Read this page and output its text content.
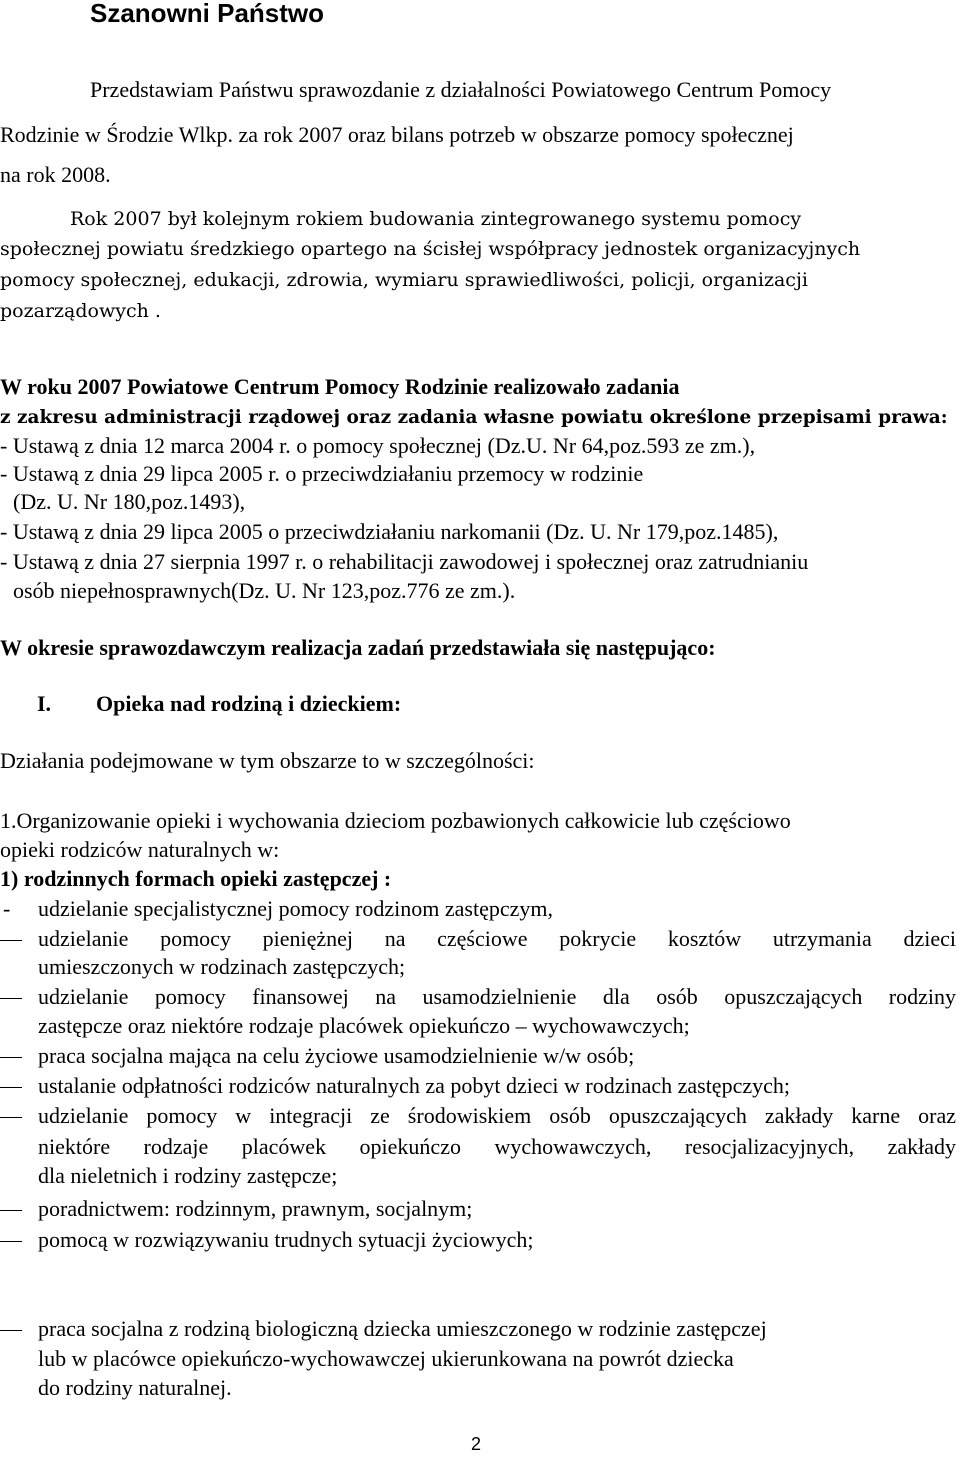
Szanowni Państwo
Przedstawiam Państwu sprawozdanie z działalności Powiatowego Centrum Pomocy
Rodzinie w Środzie Wlkp. za rok 2007 oraz bilans potrzeb w obszarze pomocy społecznej
na rok 2008.
Rok 2007 był kolejnym rokiem budowania zintegrowanego systemu pomocy
społecznej powiatu średzkiego opartego na ścisłej współpracy jednostek organizacyjnych
pomocy społecznej, edukacji, zdrowia, wymiaru sprawiedliwości, policji, organizacji
pozarządowych .
W roku 2007 Powiatowe Centrum Pomocy Rodzinie realizowało zadania
z zakresu administracji rządowej oraz zadania własne powiatu określone przepisami prawa:
- Ustawą z dnia 12 marca 2004 r. o pomocy społecznej (Dz.U. Nr 64,poz.593 ze zm.),
- Ustawą z dnia 29 lipca 2005 r. o przeciwdziałaniu przemocy w rodzinie
(Dz. U. Nr 180,poz.1493),
- Ustawą z dnia 29 lipca 2005 o przeciwdziałaniu narkomanii (Dz. U. Nr 179,poz.1485),
- Ustawą z dnia 27 sierpnia 1997 r. o rehabilitacji zawodowej i społecznej oraz zatrudnianiu
osób niepełnosprawnych(Dz. U. Nr 123,poz.776 ze zm.).
W okresie sprawozdawczym realizacja zadań przedstawiała się następująco:
I. Opieka nad rodziną i dzieckiem:
Działania podejmowane w tym obszarze to w szczególności:
1.Organizowanie opieki i wychowania dzieciom pozbawionych całkowicie lub częściowo
opieki rodziców naturalnych w:
1) rodzinnych formach opieki zastępczej :
- udzielanie specjalistycznej pomocy rodzinom zastępczym,
udzielanie pomocy pieniężnej na częściowe pokrycie kosztów utrzymania dzieci
umieszczonych w rodzinach zastępczych;
udzielanie pomocy finansowej na usamodzielnienie dla osób opuszczających rodziny
zastępcze oraz niektóre rodzaje placówek opiekuńczo – wychowawczych;
praca socjalna mająca na celu życiowe usamodzielnienie w/w osób;
ustalanie odpłatności rodziców naturalnych za pobyt dzieci w rodzinach zastępczych;
udzielanie pomocy w integracji ze środowiskiem osób opuszczających zakłady karne oraz
niektóre rodzaje placówek opiekuńczo wychowawczych, resocjalizacyjnych, zakłady
dla nieletnich i rodziny zastępcze;
poradnictwem: rodzinnym, prawnym, socjalnym;
pomocą w rozwiązywaniu trudnych sytuacji życiowych;
praca socjalna z rodziną biologiczną dziecka umieszczonego w rodzinie zastępczej
lub w placówce opiekuńczo-wychowawczej ukierunkowana na powrót dziecka
do rodziny naturalnej.
2
